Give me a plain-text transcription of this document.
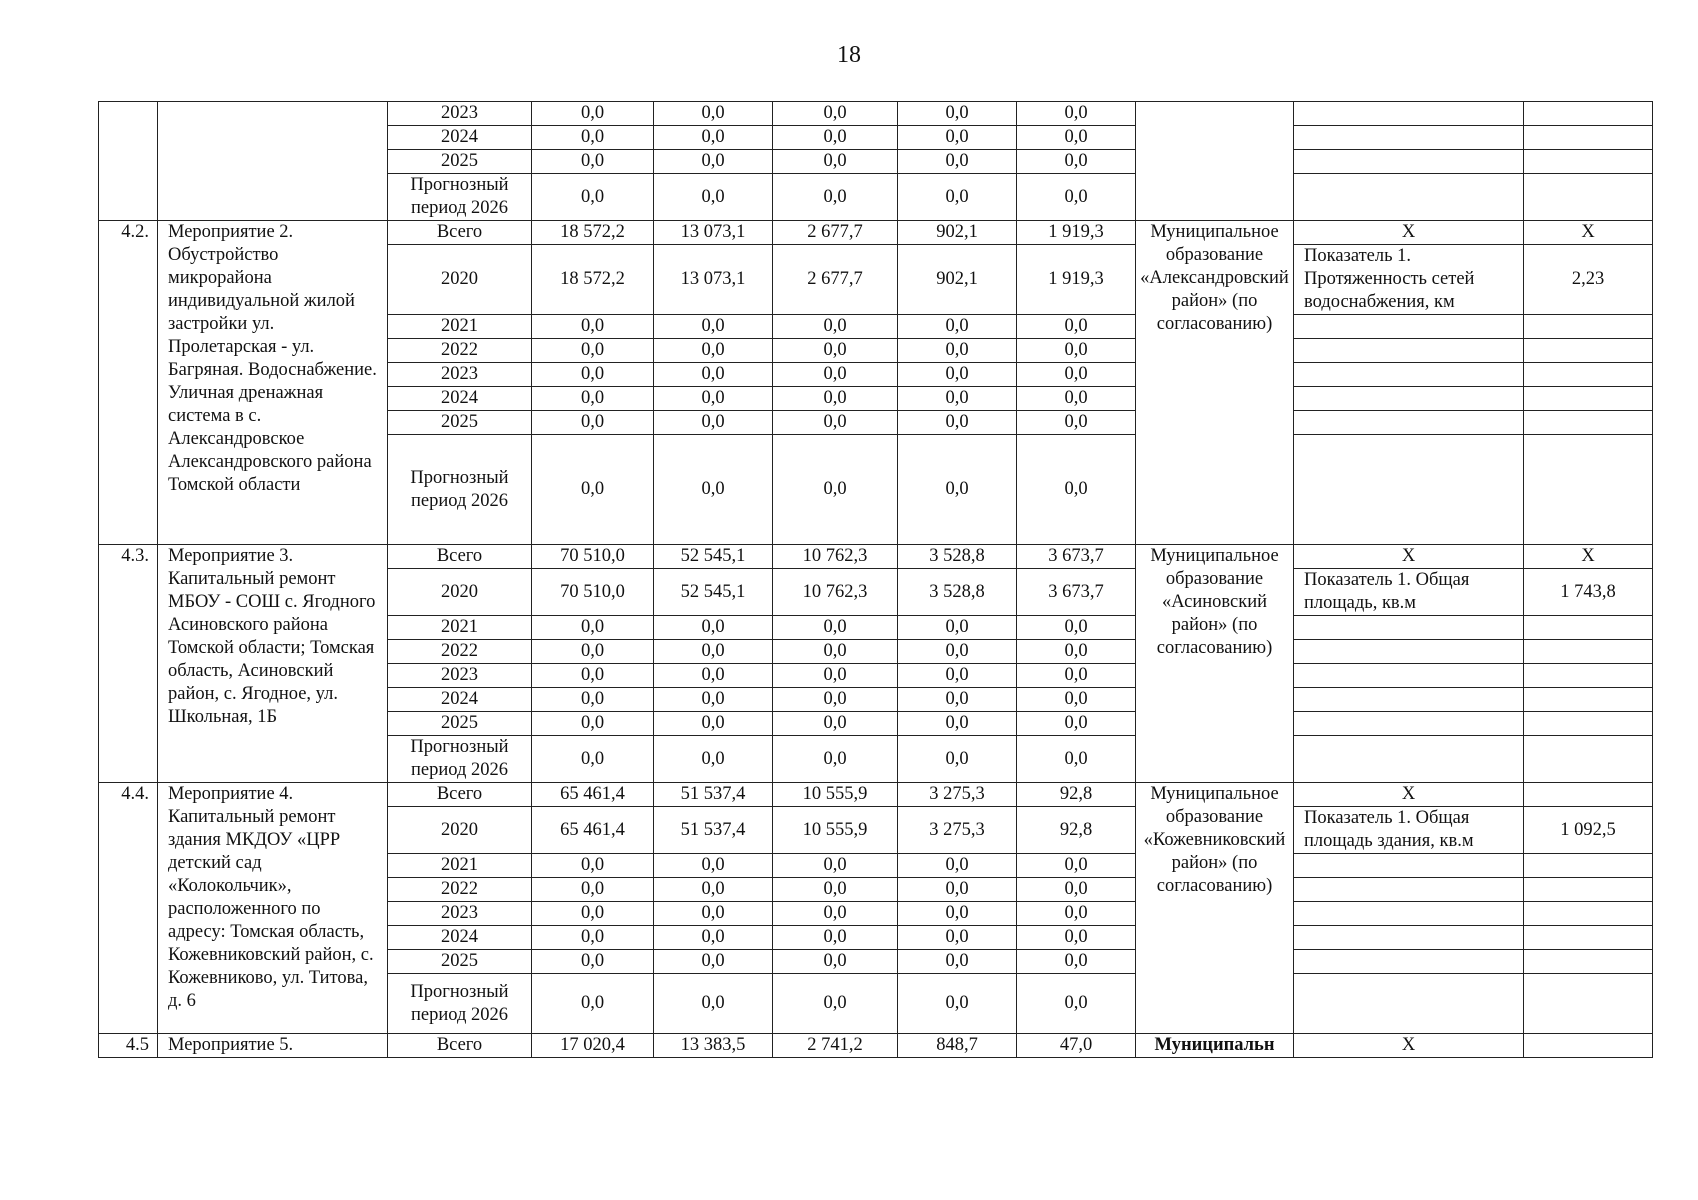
18
		2023	0,0	0,0	0,0	0,0	0,0			
		2024	0,0	0,0	0,0	0,0	0,0			
		2025	0,0	0,0	0,0	0,0	0,0			
		Прогнозный период 2026	0,0	0,0	0,0	0,0	0,0			
4.2.	Мероприятие 2. Обустройство микрорайона индивидуальной жилой застройки ул. Пролетарская - ул. Багряная. Водоснабжение. Уличная дренажная система в с. Александровское Александровского района Томской области	Всего	18 572,2	13 073,1	2 677,7	902,1	1 919,3	Муниципальное образование «Александровский район» (по согласованию)	Х	Х
		2020	18 572,2	13 073,1	2 677,7	902,1	1 919,3		Показатель 1. Протяженность сетей водоснабжения, км	2,23
		2021	0,0	0,0	0,0	0,0	0,0			
		2022	0,0	0,0	0,0	0,0	0,0			
		2023	0,0	0,0	0,0	0,0	0,0			
		2024	0,0	0,0	0,0	0,0	0,0			
		2025	0,0	0,0	0,0	0,0	0,0			
		Прогнозный период 2026	0,0	0,0	0,0	0,0	0,0			
4.3.	Мероприятие 3. Капитальный ремонт МБОУ - СОШ с. Ягодного Асиновского района Томской области; Томская область, Асиновский район, с. Ягодное, ул. Школьная, 1Б	Всего	70 510,0	52 545,1	10 762,3	3 528,8	3 673,7	Муниципальное образование «Асиновский район» (по согласованию)	Х	Х
		2020	70 510,0	52 545,1	10 762,3	3 528,8	3 673,7		Показатель 1. Общая площадь, кв.м	1 743,8
		2021	0,0	0,0	0,0	0,0	0,0			
		2022	0,0	0,0	0,0	0,0	0,0			
		2023	0,0	0,0	0,0	0,0	0,0			
		2024	0,0	0,0	0,0	0,0	0,0			
		2025	0,0	0,0	0,0	0,0	0,0			
		Прогнозный период 2026	0,0	0,0	0,0	0,0	0,0			
4.4.	Мероприятие 4. Капитальный ремонт здания МКДОУ «ЦРР детский сад «Колокольчик», расположенного по адресу: Томская область, Кожевниковский район, с. Кожевниково, ул. Титова, д. 6	Всего	65 461,4	51 537,4	10 555,9	3 275,3	92,8	Муниципальное образование «Кожевниковский район» (по согласованию)	Х	
		2020	65 461,4	51 537,4	10 555,9	3 275,3	92,8		Показатель 1. Общая площадь здания, кв.м	1 092,5
		2021	0,0	0,0	0,0	0,0	0,0			
		2022	0,0	0,0	0,0	0,0	0,0			
		2023	0,0	0,0	0,0	0,0	0,0			
		2024	0,0	0,0	0,0	0,0	0,0			
		2025	0,0	0,0	0,0	0,0	0,0			
		Прогнозный период 2026	0,0	0,0	0,0	0,0	0,0			
4.5	Мероприятие 5.	Всего	17 020,4	13 383,5	2 741,2	848,7	47,0	Муниципальн	Х	
